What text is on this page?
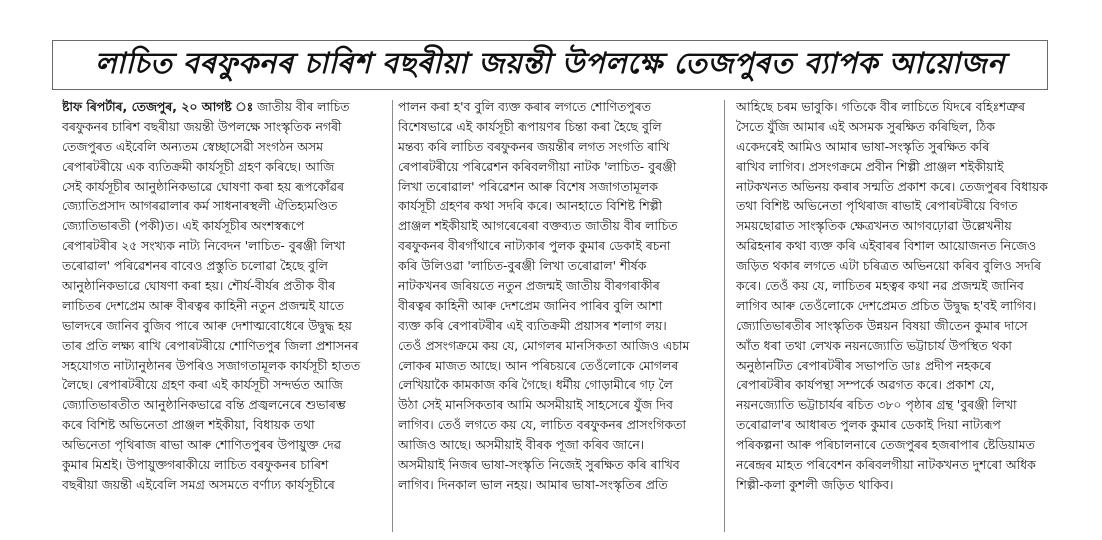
লাচিত বৰফুকনৰ চাৰিশ বছৰীয়া জয়ন্তী উপলক্ষে তেজপুৰত ব্যাপক আয়োজন
ষ্টাফ ৰিপৰ্টাৰ, তেজপুৰ, ২০ আগষ্ট ঃ জাতীয় বীৰ লাচিত
বৰফুকনৰ চাৰিশ বছৰীয়া জয়ন্তী উপলক্ষে সাংস্কৃতিক নগৰী
তেজপুৰত এইবেলি অন্যতম স্বেচ্ছাসেৱী সংগঠন অসম
ৰেপাৰটৰীয়ে এক ব্যতিক্ৰমী কাৰ্যসূচী গ্ৰহণ কৰিছে। আজি
সেই কাৰ্যসূচীৰ আনুষ্ঠানিকভাৱে ঘোষণা কৰা হয় ৰূপকোঁৱৰ
জ্যোতিপ্ৰসাদ আগৰৱালাৰ কৰ্ম সাধনাৰস্থলী ঐতিহ্যমণ্ডিত
জ্যোতিভাৰতী (পকী)ত। এই কাৰ্যসূচীৰ অংশস্বৰূপে
ৰেপাৰটৰীৰ ২৫ সংখ্যক নাট্য নিবেদন 'লাচিত- বুৰঞ্জী লিখা
তৰোৱাল' পৰিৱেশনৰ বাবেও প্ৰস্তুতি চলোৱা হৈছে বুলি
আনুষ্ঠানিকভাৱে ঘোষণা কৰা হয়। শৌৰ্য-বীৰ্যৰ প্ৰতীক বীৰ
লাচিতৰ দেশপ্ৰেম আৰু বীৰত্বৰ কাহিনী নতুন প্ৰজন্মই যাতে
ভালদৰে জানিব বুজিব পাৰে আৰু দেশাত্মবোধেৰে উদ্বুদ্ধ হয়
তাৰ প্ৰতি লক্ষ্য ৰাখি ৰেপাৰটৰীয়ে শোণিতপুৰ জিলা প্ৰশাসনৰ
সহযোগত নাট্যানুষ্ঠানৰ উপৰিও সজাগতামূলক কাৰ্যসূচী হাতত
লৈছে। ৰেপাৰটৰীয়ে গ্ৰহণ কৰা এই কাৰ্যসূচী সন্দৰ্ভত আজি
জ্যোতিভাৰতীত আনুষ্ঠানিকভাৱে বন্তি প্ৰজ্বলনেৰে শুভাৰম্ভ
কৰে বিশিষ্ট অভিনেতা প্ৰাঞ্জল শইকীয়া, বিধায়ক তথা
অভিনেতা পৃথিৰাজ ৰাভা আৰু শোণিতপুৰৰ উপায়ুক্ত দেৱ
কুমাৰ মিশ্ৰই। উপায়ুক্তগৰাকীয়ে লাচিত বৰফুকনৰ চাৰিশ
বছৰীয়া জয়ন্তী এইবেলি সমগ্ৰ অসমতে বৰ্ণাঢ্য কাৰ্যসূচীৰে
পালন কৰা হ'ব বুলি ব্যক্ত কৰাৰ লগতে শোণিতপুৰত
বিশেষভাৱে এই কাৰ্যসূচী ৰূপায়ণৰ চিন্তা কৰা হৈছে বুলি
মন্তব্য কৰি লাচিত বৰফুকনৰ জয়ন্তীৰ লগত সংগতি ৰাখি
ৰেপাৰটৰীয়ে পৰিৱেশন কৰিবলগীয়া নাটক 'লাচিত- বুৰঞ্জী
লিখা তৰোৱাল' পৰিৱেশন আৰু বিশেষ সজাগতামূলক
কাৰ্যসূচী গ্ৰহণৰ কথা সদৰি কৰে। আনহাতে বিশিষ্ট শিল্পী
প্ৰাঞ্জল শইকীয়াই আগৰেৰেৰা বক্তব্যত জাতীয় বীৰ লাচিত
বৰফুকনৰ বীৰগাঁথাৰে নাট্যকাৰ পুলক কুমাৰ ডেকাই ৰচনা
কৰি উলিওৱা 'লাচিত-বুৰঞ্জী লিখা তৰোৱাল' শীৰ্ষক
নাটকখনৰ জৰিয়তে নতুন প্ৰজন্মই জাতীয় বীৰগৰাকীৰ
বীৰত্বৰ কাহিনী আৰু দেশপ্ৰেম জানিব পাৰিব বুলি আশা
ব্যক্ত কৰি ৰেপাৰটৰীৰ এই ব্যতিক্ৰমী প্ৰয়াসৰ শলাগ লয়।
তেওঁ প্ৰসংগক্ৰমে কয় যে, মোগলৰ মানসিকতা আজিও এচাম
লোকৰ মাজত আছে। আন পৰিচয়ৰে তেওঁলোকে মোগলৰ
লেখিয়াকৈ কামকাজ কৰি গৈছে। ধৰ্মীয় গোড়ামীৰে গঢ় লৈ
উঠা সেই মানসিকতাৰ আমি অসমীয়াই সাহসেৰে যুঁজ দিব
লাগিব। তেওঁ লগতে কয় যে, লাচিত বৰফুকনৰ প্ৰাসংগিকতা
আজিও আছে। অসমীয়াই বীৰক পূজা কৰিব জানে।
অসমীয়াই নিজৰ ভাষা-সংস্কৃতি নিজেই সুৰক্ষিত কৰি ৰাখিব
লাগিব। দিনকাল ভাল নহয়। আমাৰ ভাষা-সংস্কৃতিৰ প্ৰতি
আহিছে চৰম ভাবুকি। গতিকে বীৰ লাচিতে যিদৰে বহিঃশত্ৰুৰ
সৈতে যুঁজি আমাৰ এই অসমক সুৰক্ষিত কৰিছিল, ঠিক
একেদৰেই আমিও আমাৰ ভাষা-সংস্কৃতি সুৰক্ষিত কৰি
ৰাখিব লাগিব। প্ৰসংগক্ৰমে প্ৰবীন শিল্পী প্ৰাঞ্জল শইকীয়াই
নাটকখনত অভিনয় কৰাৰ সন্মতি প্ৰকাশ কৰে। তেজপুৰৰ বিধায়ক
তথা বিশিষ্ট অভিনেতা পৃথিৰাজ ৰাভাই ৰেপাৰটৰীয়ে বিগত
সময়ছোৱাত সাংস্কৃতিক ক্ষেত্ৰখনত আগবঢ়োৱা উল্লেখনীয়
অৱিহনাৰ কথা ব্যক্ত কৰি এইবাৰৰ বিশাল আয়োজনত নিজেও
জড়িত থকাৰ লগতে এটা চৰিত্ৰত অভিনয়ো কৰিব বুলিও সদৰি
কৰে। তেওঁ কয় যে, লাচিতৰ মহত্বৰ কথা নৱ প্ৰজন্মই জানিব
লাগিব আৰু তেওঁলোকে দেশপ্ৰেমত প্ৰচিত উদ্বুদ্ধ হ'বই লাগিব।
জ্যোতিভাৰতীৰ সাংস্কৃতিক উন্নয়ন বিষয়া জীতেন কুমাৰ দাসে
আঁত ধৰা তথা লেখক নয়নজ্যোতি ভট্টাচাৰ্য উপস্থিত থকা
অনুষ্ঠানটিত ৰেপাৰটৰীৰ সভাপতি ডাঃ প্ৰদীপ নহকৰে
ৰেপাৰটৰীৰ কাৰ্যপন্থা সম্পৰ্কে অৱগত কৰে। প্ৰকাশ যে,
নয়নজ্যোতি ভট্টাচাৰ্যৰ ৰচিত ৩৮০ পৃষ্ঠাৰ গ্ৰন্থ 'বুৰঞ্জী লিখা
তৰোৱাল'ৰ আধাৰত পুলক কুমাৰ ডেকাই দিয়া নাট্যৰূপ
পৰিকল্পনা আৰু পৰিচালনাৰে তেজপুৰৰ হজৰাপাৰ ষ্টেডিয়ামত
নৰেন্দ্ৰৰ মাহত পৰিবেশন কৰিবলগীয়া নাটকখনত দুশৰো অধিক
শিল্পী-কলা কুশলী জড়িত থাকিব।
